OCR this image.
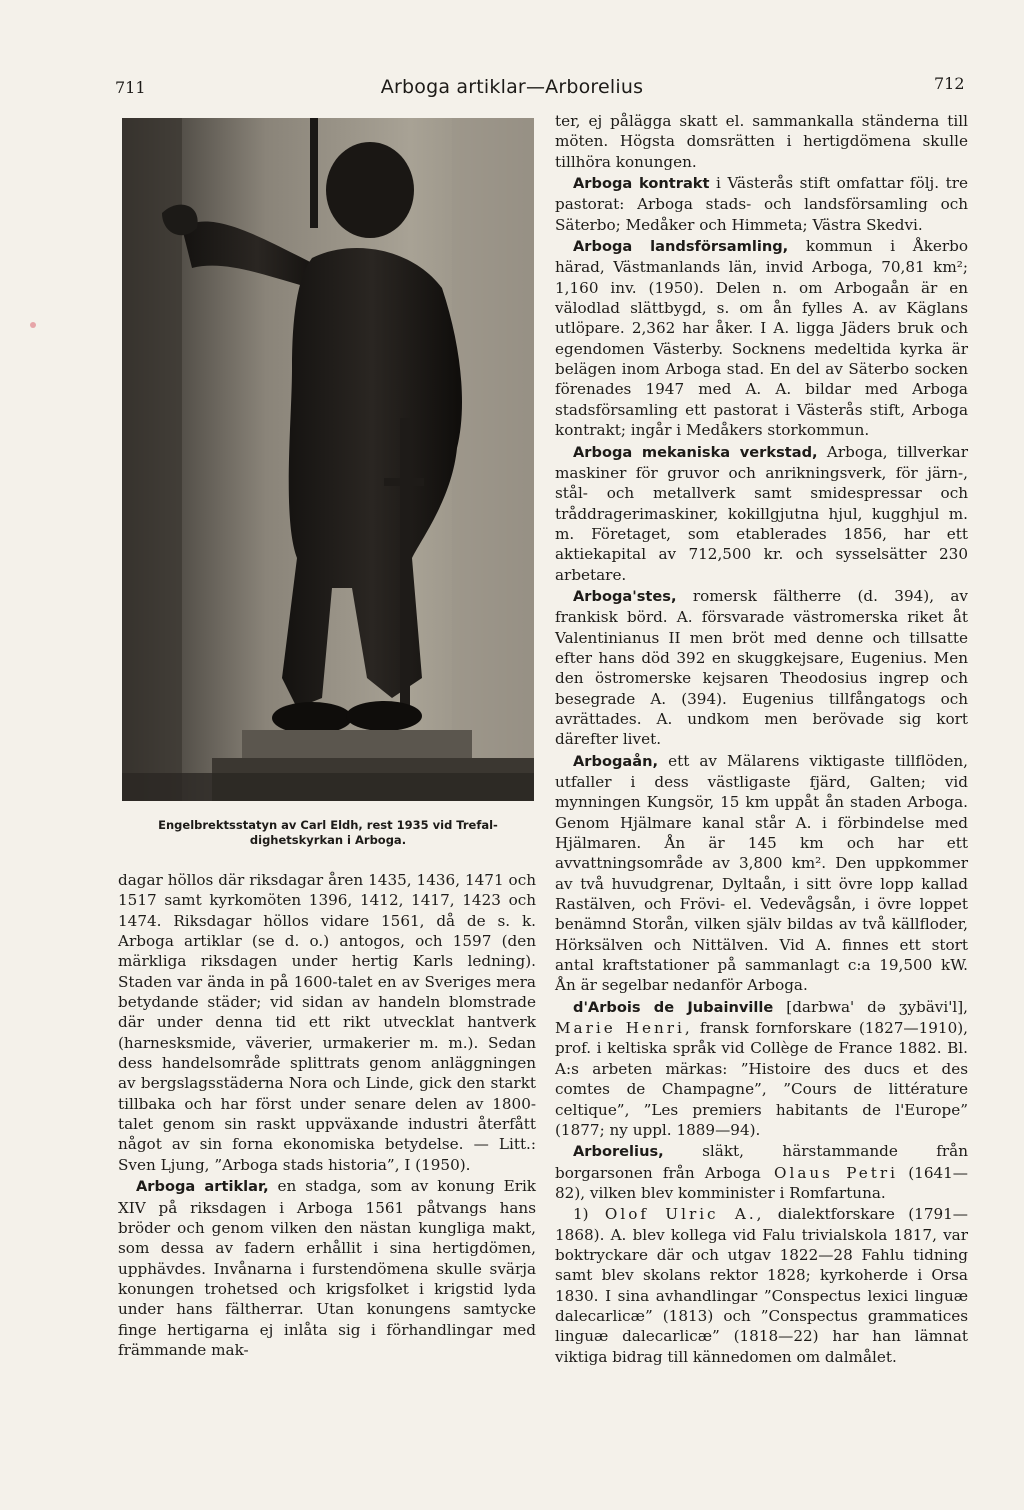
711	Arboga artiklar—Arborelius	712
Engelbrektsstatyn av Carl Eldh, rest 1935 vid Trefal-
dighetskyrkan i Arboga.

dagar höllos där riksdagar åren 1435, 1436, 1471 och 1517 samt kyrkomöten 1396, 1412, 1417, 1423 och 1474. Riksdagar höllos vidare 1561, då de s. k. Arboga artiklar (se d. o.) antogos, och 1597 (den märkliga riksdagen under hertig Karls ledning). Staden var ända in på 1600-talet en av Sveriges mera betydande städer; vid sidan av handeln blomstrade där under denna tid ett rikt utvecklat hantverk (harnesksmide, väverier, urmakerier m. m.). Sedan dess handelsområde splittrats genom anläggningen av bergslagsstäderna Nora och Linde, gick den starkt tillbaka och har först under senare delen av 1800-talet genom sin raskt uppväxande industri återfått något av sin forna ekonomiska betydelse. — Litt.: Sven Ljung, ”Arboga stads historia”, I (1950).

Arboga artiklar, en stadga, som av konung Erik XIV på riksdagen i Arboga 1561 påtvangs hans bröder och genom vilken den nästan kungliga makt, som dessa av fadern erhållit i sina hertigdömen, upphävdes. Invånarna i furstendömena skulle svärja konungen trohetsed och krigsfolket i krigstid lyda under hans fältherrar. Utan konungens samtycke finge hertigarna ej inlåta sig i förhandlingar med främmande mak-

ter, ej pålägga skatt el. sammankalla ständerna till möten. Högsta domsrätten i hertigdömena skulle tillhöra konungen.

Arboga kontrakt i Västerås stift omfattar följ. tre pastorat: Arboga stads- och landsförsamling och Säterbo; Medåker och Himmeta; Västra Skedvi.

Arboga landsförsamling, kommun i Åkerbo härad, Västmanlands län, invid Arboga, 70,81 km²; 1,160 inv. (1950). Delen n. om Arbogaån är en välodlad slättbygd, s. om ån fylles A. av Käglans utlöpare. 2,362 har åker. I A. ligga Jäders bruk och egendomen Västerby. Socknens medeltida kyrka är belägen inom Arboga stad. En del av Säterbo socken förenades 1947 med A. A. bildar med Arboga stadsförsamling ett pastorat i Västerås stift, Arboga kontrakt; ingår i Medåkers storkommun.

Arboga mekaniska verkstad, Arboga, tillverkar maskiner för gruvor och anrikningsverk, för järn-, stål- och metallverk samt smidespressar och tråddragerimaskiner, kokillgjutna hjul, kugghjul m. m. Företaget, som etablerades 1856, har ett aktiekapital av 712,500 kr. och sysselsätter 230 arbetare.

Arboga'stes, romersk fältherre (d. 394), av frankisk börd. A. försvarade västromerska riket åt Valentinianus II men bröt med denne och tillsatte efter hans död 392 en skuggkejsare, Eugenius. Men den östromerske kejsaren Theodosius ingrep och besegrade A. (394). Eugenius tillfångatogs och avrättades. A. undkom men berövade sig kort därefter livet.

Arbogaån, ett av Mälarens viktigaste tillflöden, utfaller i dess västligaste fjärd, Galten; vid mynningen Kungsör, 15 km uppåt ån staden Arboga. Genom Hjälmare kanal står A. i förbindelse med Hjälmaren. Ån är 145 km och har ett avvattningsområde av 3,800 km². Den uppkommer av två huvudgrenar, Dyltaån, i sitt övre lopp kallad Rastälven, och Frövi- el. Vedevågsån, i övre loppet benämnd Storån, vilken själv bildas av två källfloder, Hörksälven och Nittälven. Vid A. finnes ett stort antal kraftstationer på sammanlagt c:a 19,500 kW. Ån är segelbar nedanför Arboga.

d'Arbois de Jubainville [darbwa' də ʒybävi'l], Marie Henri, fransk fornforskare (1827—1910), prof. i keltiska språk vid Collège de France 1882. Bl. A:s arbeten märkas: ”Histoire des ducs et des comtes de Champagne”, ”Cours de littérature celtique”, ”Les premiers habitants de l'Europe” (1877; ny uppl. 1889—94).

Arborelius, släkt, härstammande från borgarsonen från Arboga Olaus Petri (1641—82), vilken blev komminister i Romfartuna.

1) Olof Ulric A., dialektforskare (1791—1868). A. blev kollega vid Falu trivialskola 1817, var boktryckare där och utgav 1822—28 Fahlu tidning samt blev skolans rektor 1828; kyrkoherde i Orsa 1830. I sina avhandlingar ”Conspectus lexici linguæ dalecarlicæ” (1813) och ”Conspectus grammatices linguæ dalecarlicæ” (1818—22) har han lämnat viktiga bidrag till kännedomen om dalmålet.
